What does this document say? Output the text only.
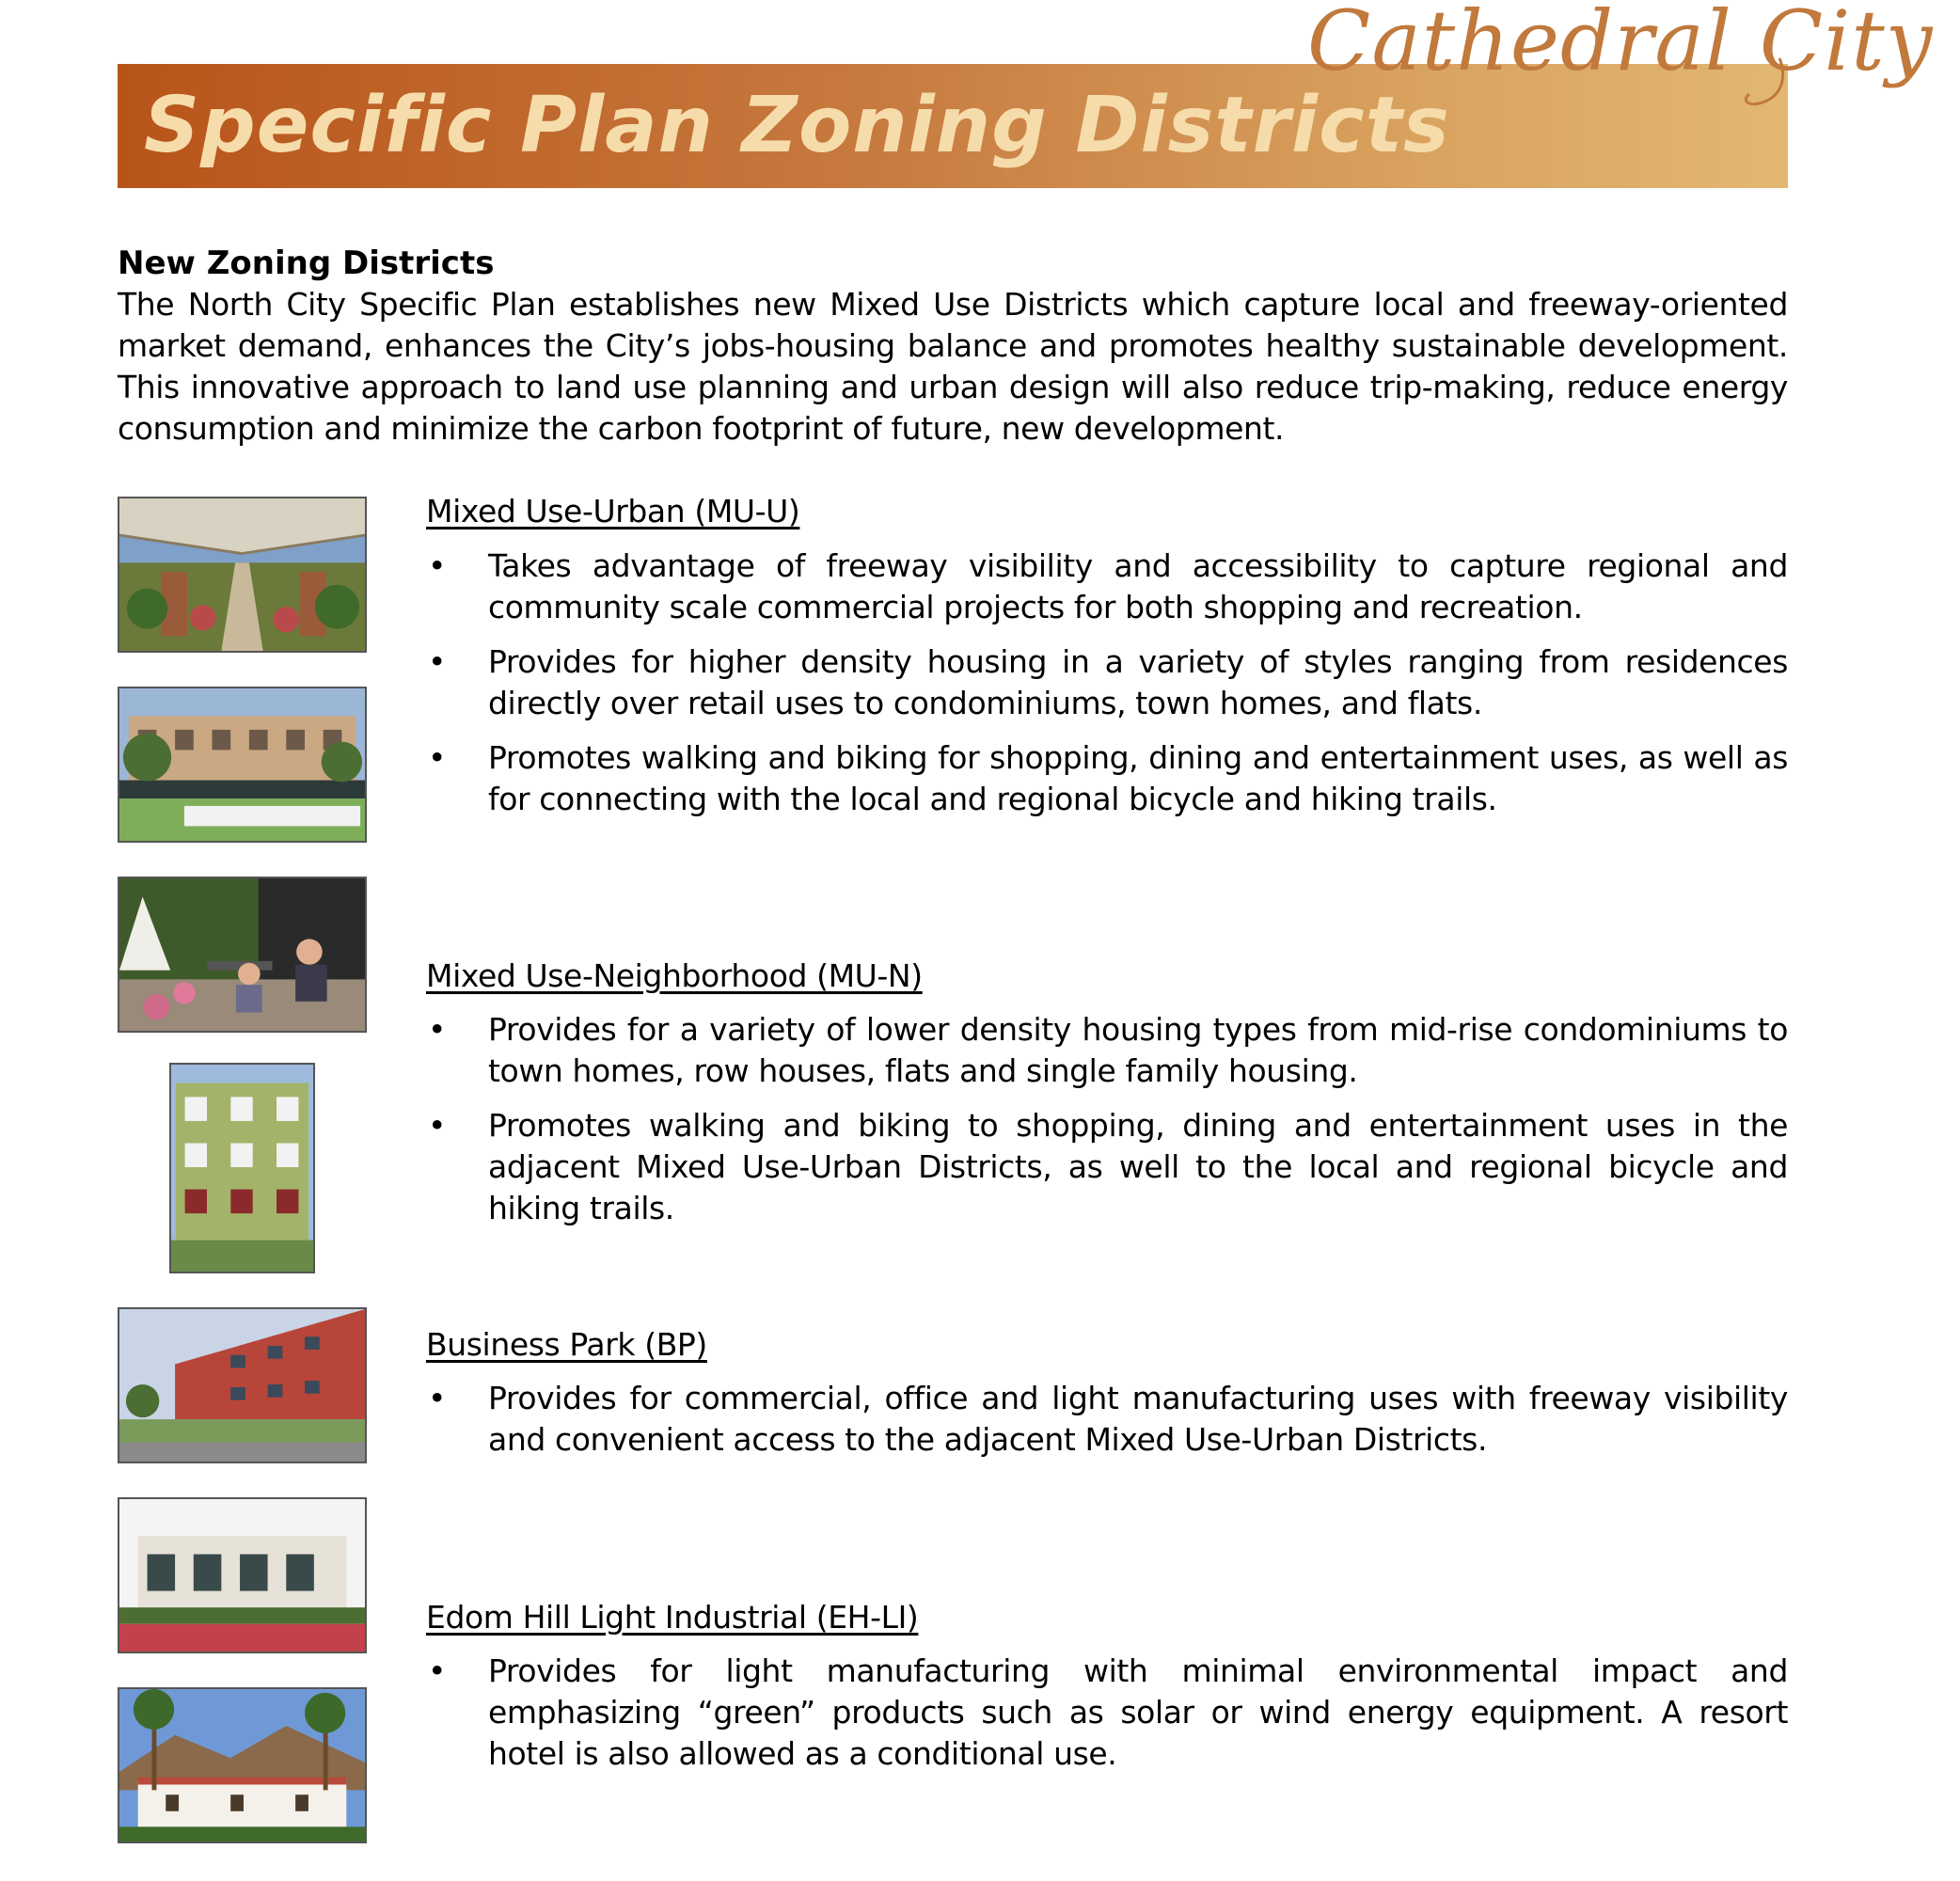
Cathedral City
Specific Plan Zoning Districts
New Zoning Districts
The North City Specific Plan establishes new Mixed Use Districts which capture local and freeway-oriented market demand, enhances the City’s jobs-housing balance and promotes healthy sustainable development. This innovative approach to land use planning and urban design will also reduce trip-making, reduce energy consumption and minimize the carbon footprint of future, new development.
Mixed Use-Urban (MU-U)
• Takes advantage of freeway visibility and accessibility to capture regional and community scale commercial projects for both shopping and recreation.
• Provides for higher density housing in a variety of styles ranging from residences directly over retail uses to condominiums, town homes, and flats.
• Promotes walking and biking for shopping, dining and entertainment uses, as well as for connecting with the local and regional bicycle and hiking trails.
Mixed Use-Neighborhood (MU-N)
• Provides for a variety of lower density housing types from mid-rise condominiums to town homes, row houses, flats and single family housing.
• Promotes walking and biking to shopping, dining and entertainment uses in the adjacent Mixed Use-Urban Districts, as well to the local and regional bicycle and hiking trails.
Business Park (BP)
• Provides for commercial, office and light manufacturing uses with freeway visibility and convenient access to the adjacent Mixed Use-Urban Districts.
Edom Hill Light Industrial (EH-LI)
• Provides for light manufacturing with minimal environmental impact and emphasizing “green” products such as solar or wind energy equipment. A resort hotel is also allowed as a conditional use.
